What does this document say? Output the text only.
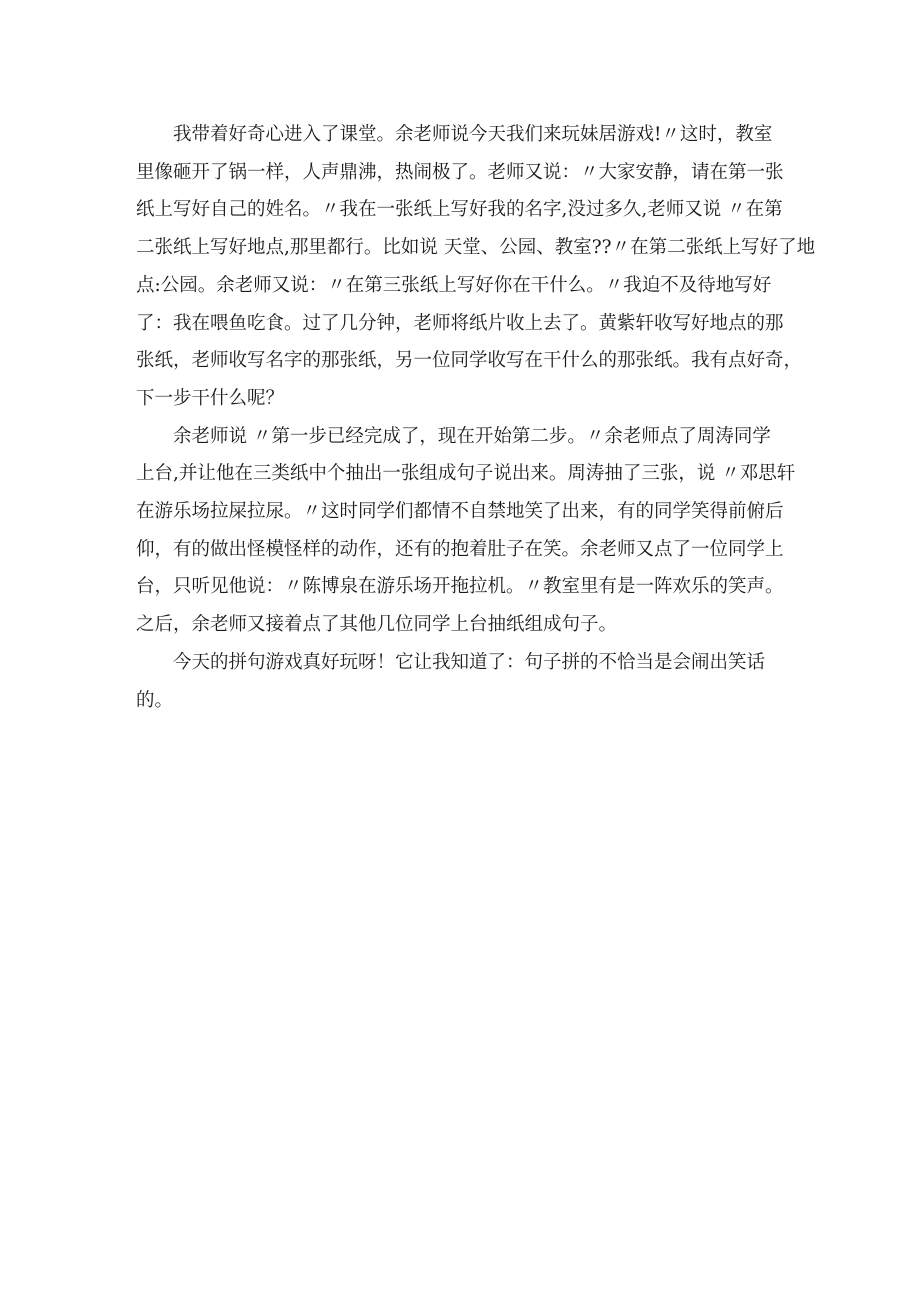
我带着好奇心进入了课堂。余老师说今天我们来玩妹居游戏!〃这时，教室
里像砸开了锅一样，人声鼎沸，热闹极了。老师又说：〃大家安静，请在第一张
纸上写好自己的姓名。〃我在一张纸上写好我的名字,没过多久,老师又说 〃在第
二张纸上写好地点,那里都行。比如说 天堂、公园、教室??〃在第二张纸上写好了地
点:公园。余老师又说：〃在第三张纸上写好你在干什么。〃我迫不及待地写好
了：我在喂鱼吃食。过了几分钟，老师将纸片收上去了。黄紫轩收写好地点的那
张纸，老师收写名字的那张纸，另一位同学收写在干什么的那张纸。我有点好奇，
下一步干什么呢？
余老师说 〃第一步已经完成了，现在开始第二步。〃余老师点了周涛同学
上台,并让他在三类纸中个抽出一张组成句子说出来。周涛抽了三张，说 〃邓思轩
在游乐场拉屎拉尿。〃这时同学们都情不自禁地笑了出来，有的同学笑得前俯后
仰，有的做出怪模怪样的动作，还有的抱着肚子在笑。余老师又点了一位同学上
台，只听见他说：〃陈博泉在游乐场开拖拉机。〃教室里有是一阵欢乐的笑声。
之后，余老师又接着点了其他几位同学上台抽纸组成句子。
今天的拼句游戏真好玩呀！它让我知道了：句子拼的不恰当是会闹出笑话
的。
